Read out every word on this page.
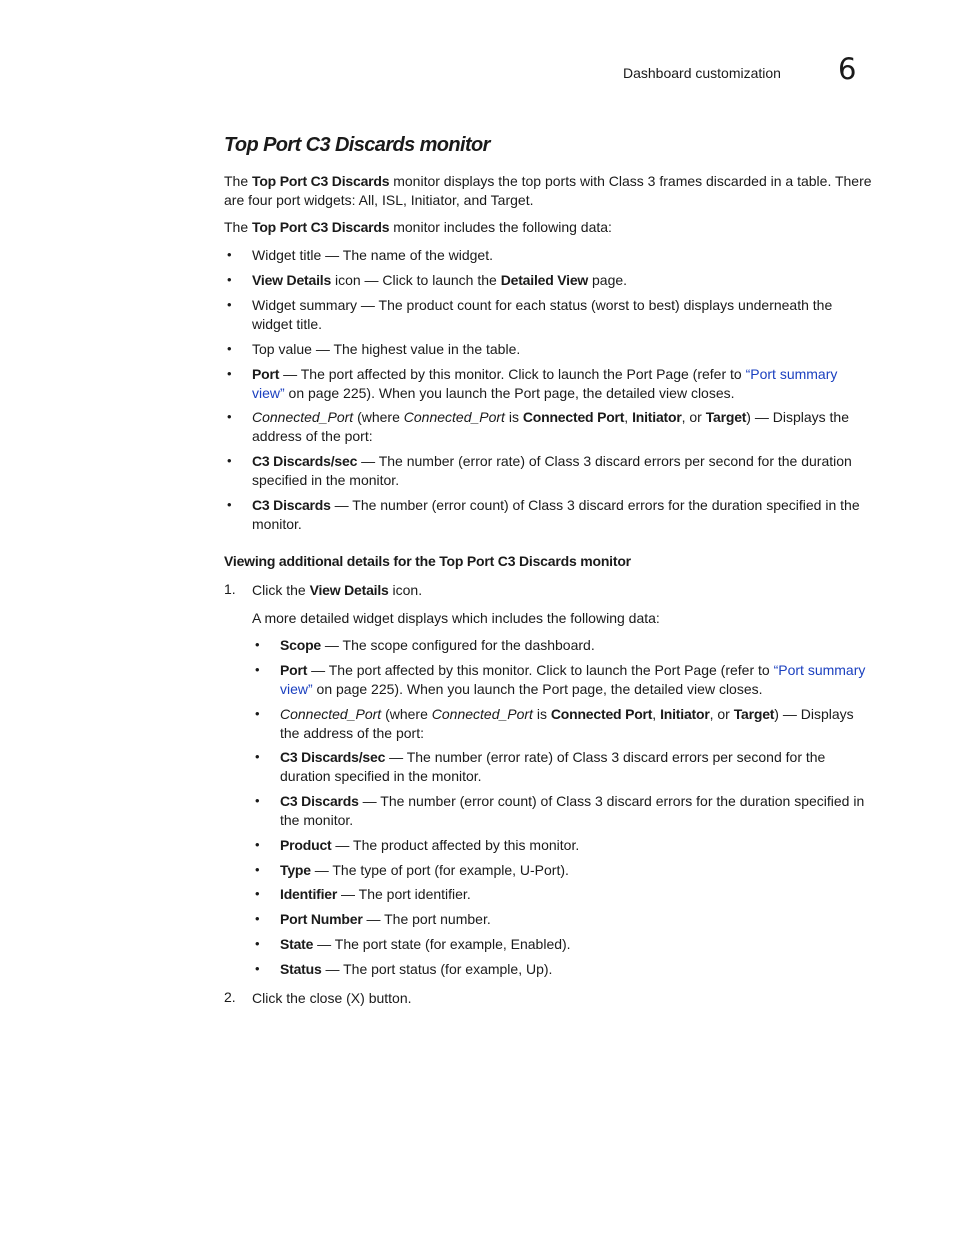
Dashboard customization 6
Top Port C3 Discards monitor

The Top Port C3 Discards monitor displays the top ports with Class 3 frames discarded in a table. There are four port widgets: All, ISL, Initiator, and Target.

The Top Port C3 Discards monitor includes the following data:

• Widget title — The name of the widget.

• View Details icon — Click to launch the Detailed View page.

• Widget summary — The product count for each status (worst to best) displays underneath the widget title.

• Top value — The highest value in the table.

• Port — The port affected by this monitor. Click to launch the Port Page (refer to “Port summary view” on page 225). When you launch the Port page, the detailed view closes.

• Connected_Port (where Connected_Port is Connected Port, Initiator, or Target) — Displays the address of the port:

• C3 Discards/sec — The number (error rate) of Class 3 discard errors per second for the duration specified in the monitor.

• C3 Discards — The number (error count) of Class 3 discard errors for the duration specified in the monitor.

Viewing additional details for the Top Port C3 Discards monitor
1. Click the View Details icon.

A more detailed widget displays which includes the following data:

• Scope — The scope configured for the dashboard.

• Port — The port affected by this monitor. Click to launch the Port Page (refer to “Port summary view” on page 225). When you launch the Port page, the detailed view closes.

• Connected_Port (where Connected_Port is Connected Port, Initiator, or Target) — Displays the address of the port:

• C3 Discards/sec — The number (error rate) of Class 3 discard errors per second for the duration specified in the monitor.

• C3 Discards — The number (error count) of Class 3 discard errors for the duration specified in the monitor.

• Product — The product affected by this monitor.

• Type — The type of port (for example, U-Port).

• Identifier — The port identifier.

• Port Number — The port number.

• State — The port state (for example, Enabled).

• Status — The port status (for example, Up).

2. Click the close (X) button.
